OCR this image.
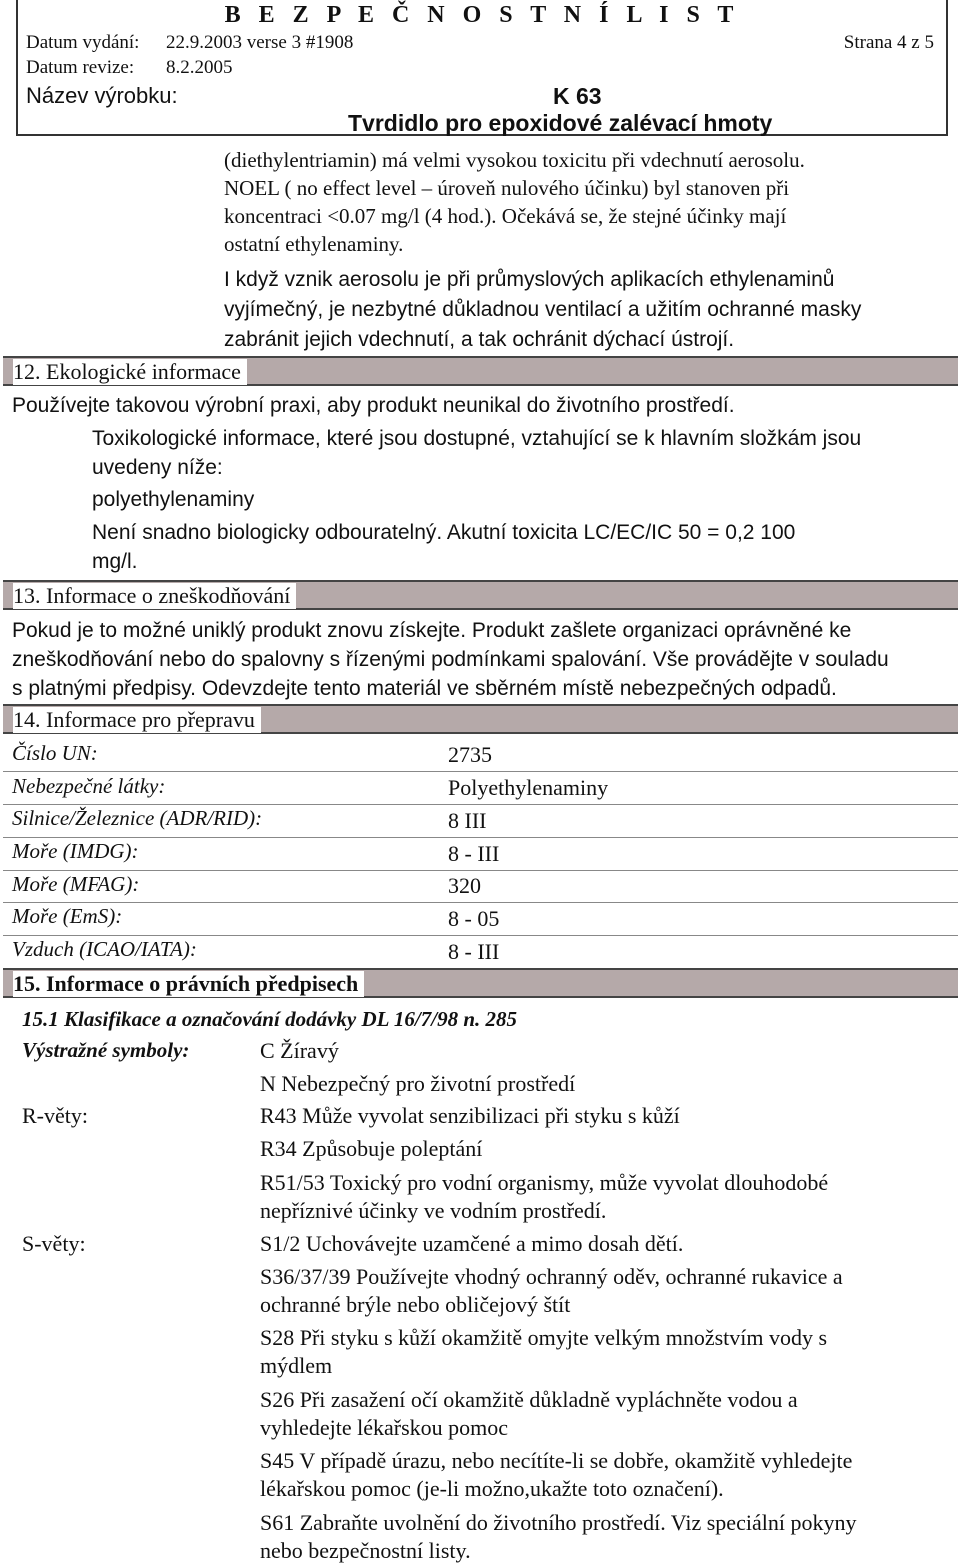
B E Z P E Č N O S T N Í L I S T
Datum vydání: 22.9.2003 verse 3 #1908	Strana 4 z 5
Datum revize: 8.2.2005
Název výrobku:	K 63
Tvrdidlo pro epoxidové zalévací hmoty
(diethylentriamin) má velmi vysokou toxicitu při vdechnutí aerosolu.
NOEL ( no effect level – úroveň nulového účinku) byl stanoven při
koncentraci <0.07 mg/l (4 hod.). Očekává se, že stejné účinky mají
ostatní ethylenaminy.
I když vznik aerosolu je při průmyslových aplikacích ethylenaminů
vyjímečný, je nezbytné důkladnou ventilací a užitím ochranné masky
zabránit jejich vdechnutí, a tak ochránit dýchací ústrojí.
12. Ekologické informace
Používejte takovou výrobní praxi, aby produkt neunikal do životního prostředí.
Toxikologické informace, které jsou dostupné, vztahující se k hlavním složkám jsou
uvedeny níže:
polyethylenaminy
Není snadno biologicky odbouratelný. Akutní toxicita LC/EC/IC 50 = 0,2 100
mg/l.
13. Informace o zneškodňování
Pokud je to možné uniklý produkt znovu získejte. Produkt zašlete organizaci oprávněné ke
zneškodňování nebo do spalovny s řízenými podmínkami spalování. Vše provádějte v souladu
s platnými předpisy. Odevzdejte tento materiál ve sběrném místě nebezpečných odpadů.
14. Informace pro přepravu
Číslo UN:	2735
Nebezpečné látky:	Polyethylenaminy
Silnice/Železnice (ADR/RID):	8 III
Moře (IMDG):	8 - III
Moře (MFAG):	320
Moře (EmS):	8 - 05
Vzduch (ICAO/IATA):	8 - III
15. Informace o právních předpisech
15.1 Klasifikace a označování dodávky DL 16/7/98 n. 285
Výstražné symboly:	C Žíravý
N Nebezpečný pro životní prostředí
R-věty:	R43 Může vyvolat senzibilizaci při styku s kůží
R34 Způsobuje poleptání
R51/53 Toxický pro vodní organismy, může vyvolat dlouhodobé
nepříznivé účinky ve vodním prostředí.
S-věty:	S1/2 Uchovávejte uzamčené a mimo dosah dětí.
S36/37/39 Používejte vhodný ochranný oděv, ochranné rukavice a
ochranné brýle nebo obličejový štít
S28 Při styku s kůží okamžitě omyjte velkým množstvím vody s
mýdlem
S26 Při zasažení očí okamžitě důkladně vypláchněte vodou a
vyhledejte lékařskou pomoc
S45 V případě úrazu, nebo necítíte-li se dobře, okamžitě vyhledejte
lékařskou pomoc (je-li možno,ukažte toto označení).
S61 Zabraňte uvolnění do životního prostředí. Viz speciální pokyny
nebo bezpečnostní listy.
